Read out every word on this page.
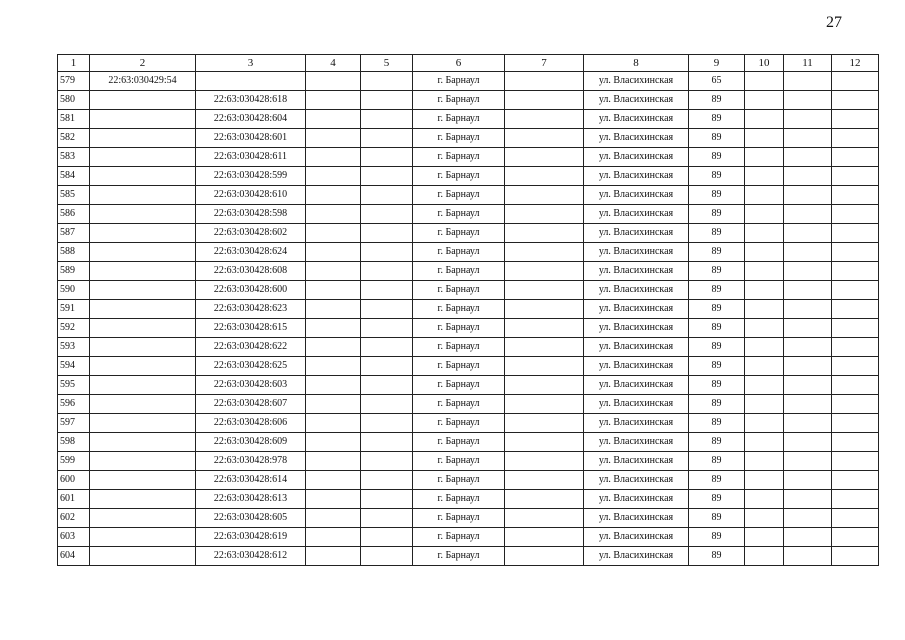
27
1	2	3	4	5	6	7	8	9	10	11	12
579	22:63:030429:54				г. Барнаул		ул. Власихинская	65			
580		22:63:030428:618			г. Барнаул		ул. Власихинская	89			
581		22:63:030428:604			г. Барнаул		ул. Власихинская	89			
582		22:63:030428:601			г. Барнаул		ул. Власихинская	89			
583		22:63:030428:611			г. Барнаул		ул. Власихинская	89			
584		22:63:030428:599			г. Барнаул		ул. Власихинская	89			
585		22:63:030428:610			г. Барнаул		ул. Власихинская	89			
586		22:63:030428:598			г. Барнаул		ул. Власихинская	89			
587		22:63:030428:602			г. Барнаул		ул. Власихинская	89			
588		22:63:030428:624			г. Барнаул		ул. Власихинская	89			
589		22:63:030428:608			г. Барнаул		ул. Власихинская	89			
590		22:63:030428:600			г. Барнаул		ул. Власихинская	89			
591		22:63:030428:623			г. Барнаул		ул. Власихинская	89			
592		22:63:030428:615			г. Барнаул		ул. Власихинская	89			
593		22:63:030428:622			г. Барнаул		ул. Власихинская	89			
594		22:63:030428:625			г. Барнаул		ул. Власихинская	89			
595		22:63:030428:603			г. Барнаул		ул. Власихинская	89			
596		22:63:030428:607			г. Барнаул		ул. Власихинская	89			
597		22:63:030428:606			г. Барнаул		ул. Власихинская	89			
598		22:63:030428:609			г. Барнаул		ул. Власихинская	89			
599		22:63:030428:978			г. Барнаул		ул. Власихинская	89			
600		22:63:030428:614			г. Барнаул		ул. Власихинская	89			
601		22:63:030428:613			г. Барнаул		ул. Власихинская	89			
602		22:63:030428:605			г. Барнаул		ул. Власихинская	89			
603		22:63:030428:619			г. Барнаул		ул. Власихинская	89			
604		22:63:030428:612			г. Барнаул		ул. Власихинская	89			
